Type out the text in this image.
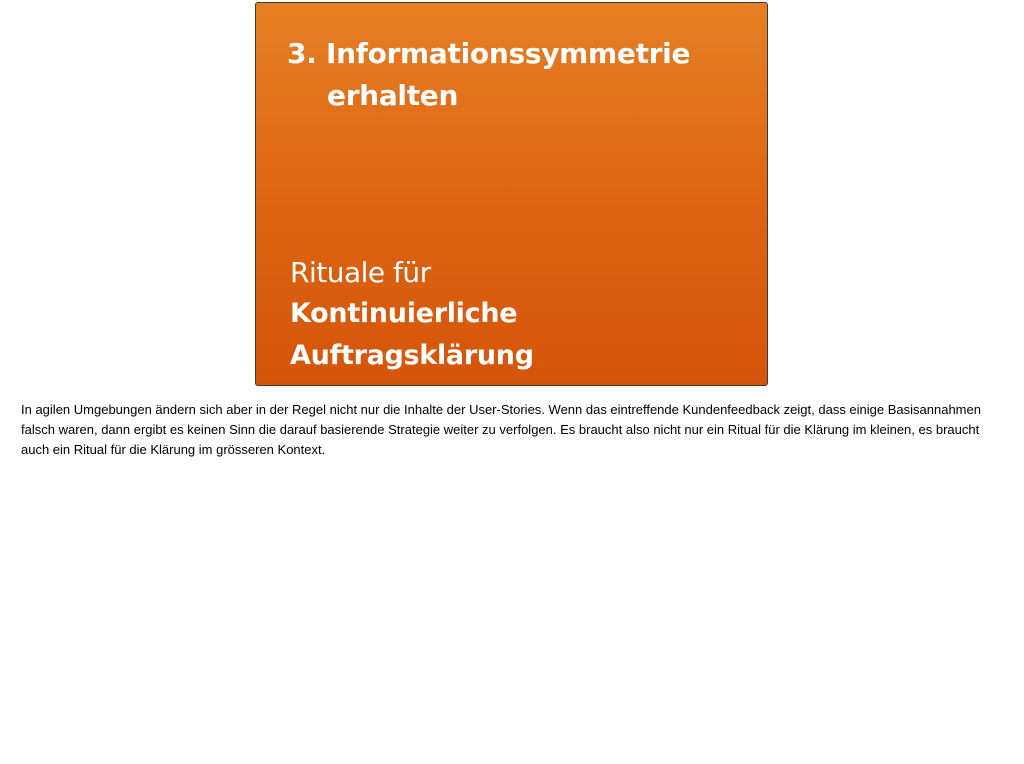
3. Informationssymmetrie
erhalten
Rituale für
Kontinuierliche
Auftragsklärung

In agilen Umgebungen ändern sich aber in der Regel nicht nur die Inhalte der User-Stories. Wenn das eintreffende Kundenfeedback zeigt, dass einige Basisannahmen falsch waren, dann ergibt es keinen Sinn die darauf basierende Strategie weiter zu verfolgen. Es braucht also nicht nur ein Ritual für die Klärung im kleinen, es braucht auch ein Ritual für die Klärung im grösseren Kontext.
